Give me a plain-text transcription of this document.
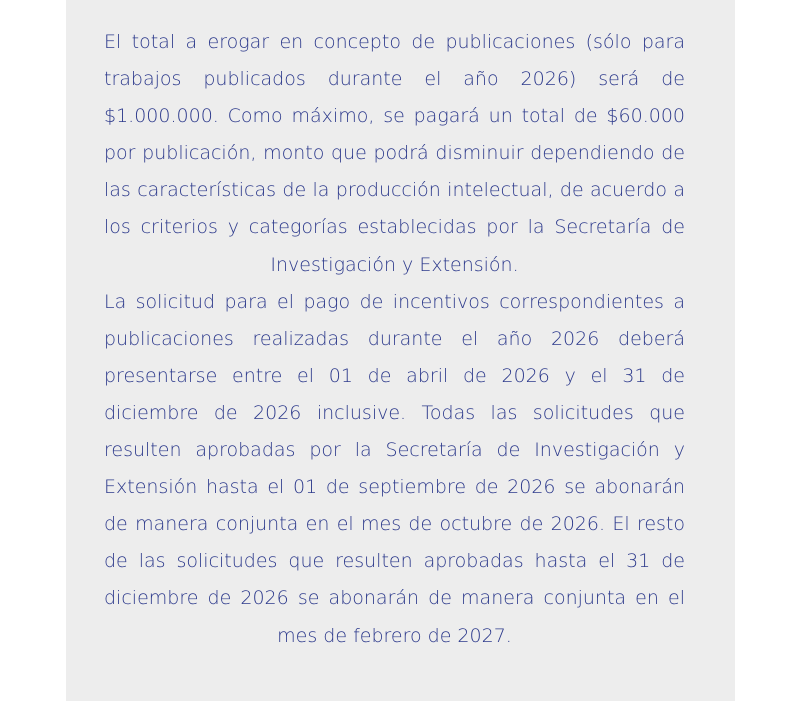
El total a erogar en concepto de publicaciones (sólo para trabajos publicados durante el año 2026) será de $1.000.000. Como máximo, se pagará un total de $60.000 por publicación, monto que podrá disminuir dependiendo de las características de la producción intelectual, de acuerdo a los criterios y categorías establecidas por la Secretaría de Investigación y Extensión.

La solicitud para el pago de incentivos correspondientes a publicaciones realizadas durante el año 2026 deberá presentarse entre el 01 de abril de 2026 y el 31 de diciembre de 2026 inclusive. Todas las solicitudes que resulten aprobadas por la Secretaría de Investigación y Extensión hasta el 01 de septiembre de 2026 se abonarán de manera conjunta en el mes de octubre de 2026. El resto de las solicitudes que resulten aprobadas hasta el 31 de diciembre de 2026 se abonarán de manera conjunta en el mes de febrero de 2027.
